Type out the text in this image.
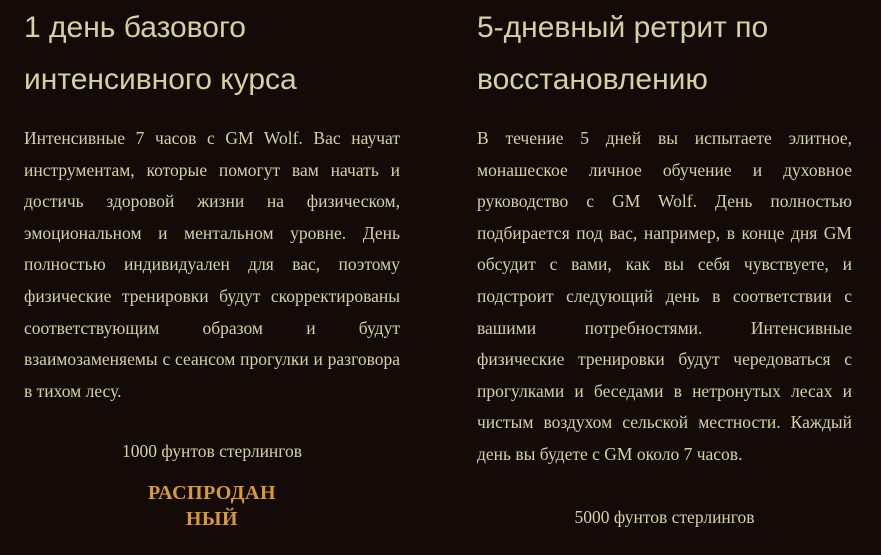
1 день базового интенсивного курса

Интенсивные 7 часов с GM Wolf. Вас научат инструментам, которые помогут вам начать и достичь здоровой жизни на физическом, эмоциональном и ментальном уровне. День полностью индивидуален для вас, поэтому физические тренировки будут скорректированы соответствующим образом и будут взаимозаменяемы с сеансом прогулки и разговора в тихом лесу.

1000 фунтов стерлингов
РАСПРОДАННЫЙ
5-дневный ретрит по восстановлению

В течение 5 дней вы испытаете элитное, монашеское личное обучение и духовное руководство с GM Wolf. День полностью подбирается под вас, например, в конце дня GM обсудит с вами, как вы себя чувствуете, и подстроит следующий день в соответствии с вашими потребностями. Интенсивные физические тренировки будут чередоваться с прогулками и беседами в нетронутых лесах и чистым воздухом сельской местности. Каждый день вы будете с GM около 7 часов.

5000 фунтов стерлингов
